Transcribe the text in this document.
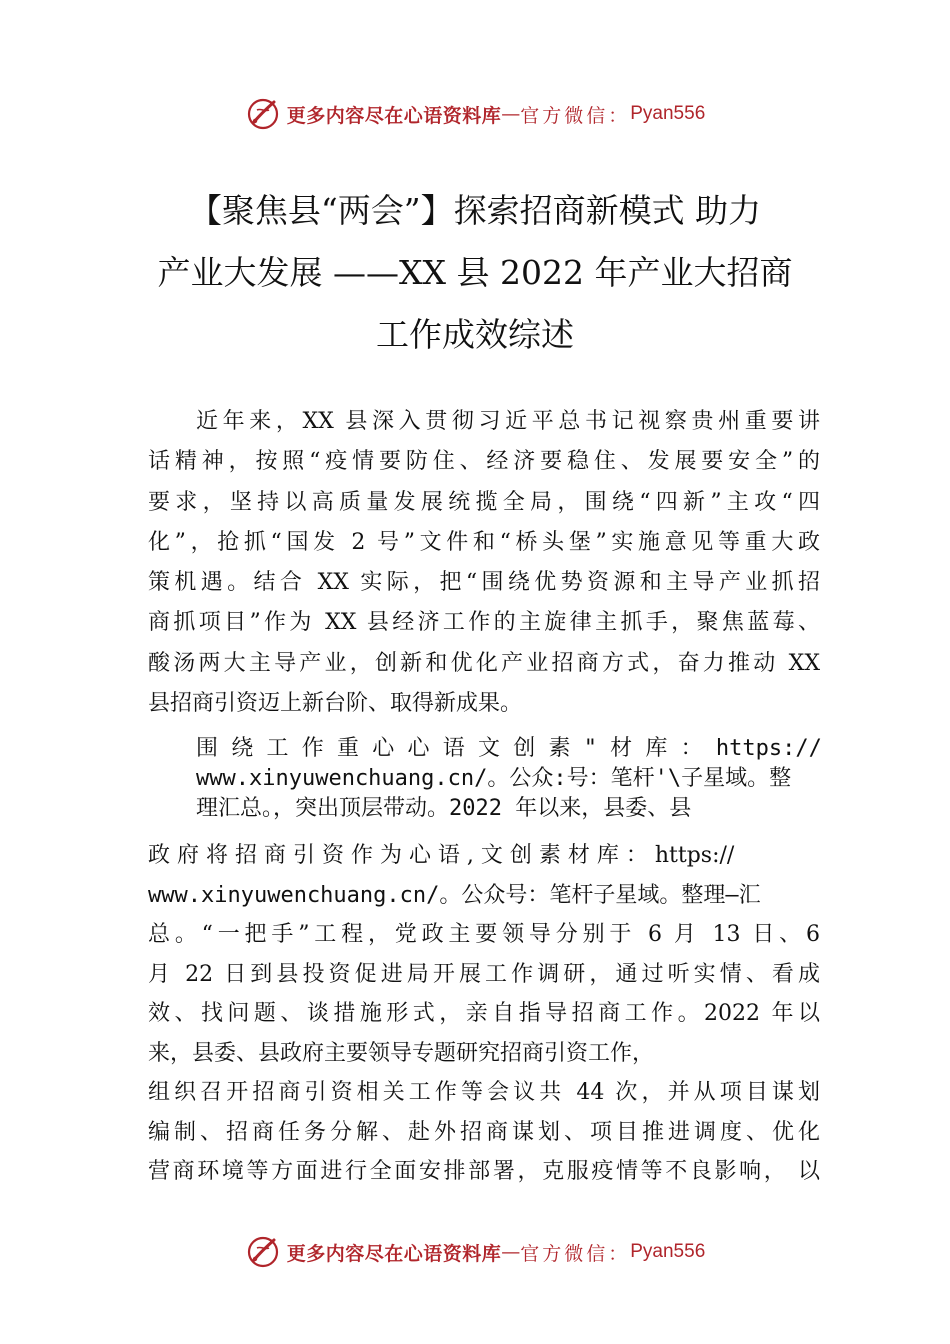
更多内容尽在心语资料库 — 官方微信： Pyan556
【聚焦县“两会”】探索招商新模式 助力
产业大发展 ——XX 县 2022 年产业大招商
工作成效综述
近年来，XX 县深入贯彻习近平总书记视察贵州重要讲
话精神，按照“疫情要防住、经济要稳住、发展要安全”的
要求，坚持以高质量发展统揽全局，围绕“四新”主攻“四
化”，抢抓“国发 2 号”文件和“桥头堡”实施意见等重大政
策机遇。结合 XX 实际，把“围绕优势资源和主导产业抓招
商抓项目”作为 XX 县经济工作的主旋律主抓手，聚焦蓝莓、
酸汤两大主导产业，创新和优化产业招商方式，奋力推动 XX
县招商引资迈上新台阶、取得新成果。
围 绕 工 作 重 心 心 语 文 创 素 " 材 库 ： https://
www.xinyuwenchuang.cn/。公众:号：笔杆'\子星域。整
理汇总。，突出顶层带动。2022 年以来，县委、县
政 府 将 招 商 引 资 作 为 心 语 , 文 创 素 材 库 ： https://
www.xinyuwenchuang.cn/。公众号：笔杆子星域。整理—汇
总。“一把手”工程，党政主要领导分别于 6 月 13 日、6
月 22 日到县投资促进局开展工作调研，通过听实情、看成
效、找问题、谈措施形式，亲自指导招商工作。2022 年以
来，县委、县政府主要领导专题研究招商引资工作，
组织召开招商引资相关工作等会议共 44 次，并从项目谋划
编制、招商任务分解、赴外招商谋划、项目推进调度、优化
营商环境等方面进行全面安排部署，克服疫情等不良影响， 以
更多内容尽在心语资料库 — 官方微信： Pyan556
